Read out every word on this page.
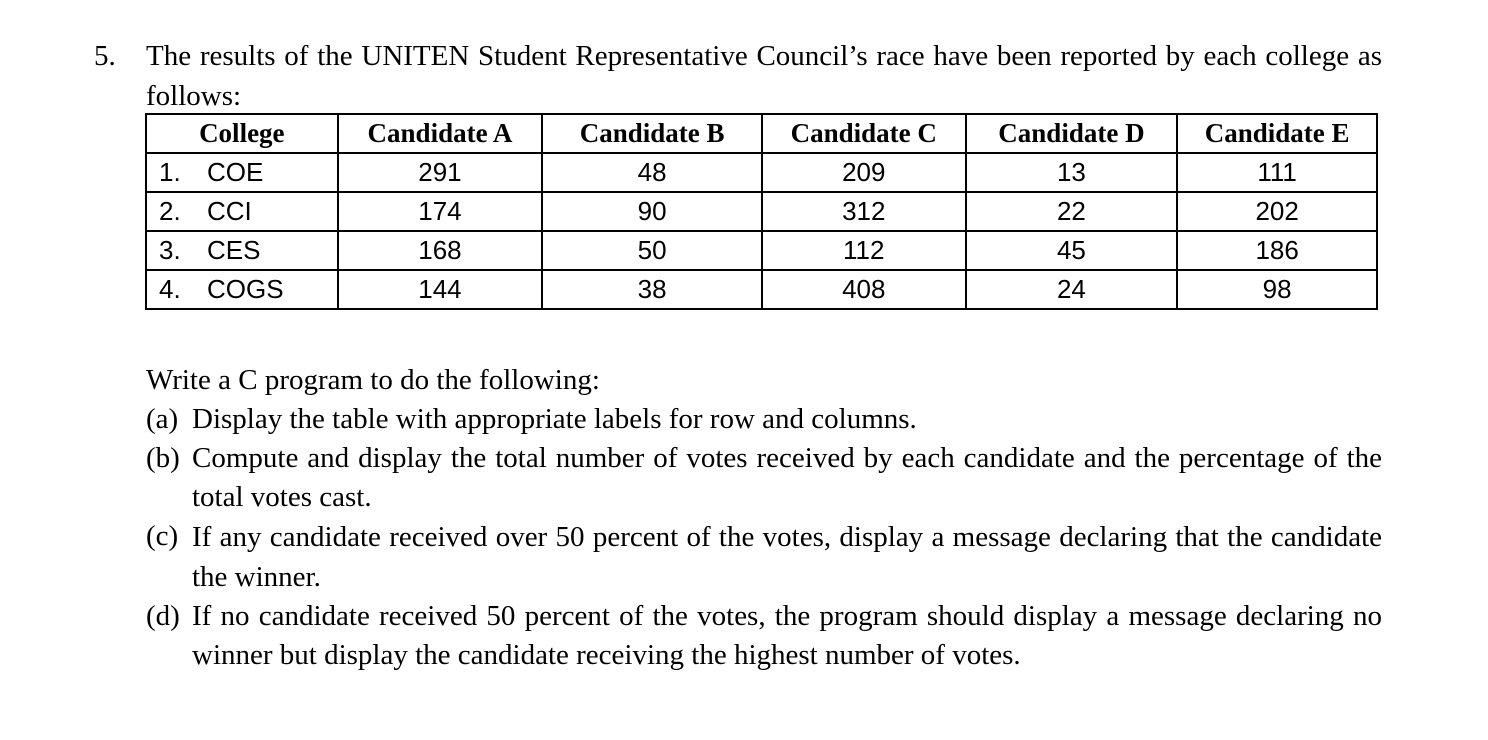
5. The results of the UNITEN Student Representative Council’s race have been reported by each college as follows:
College	Candidate A	Candidate B	Candidate C	Candidate D	Candidate E
1. COE	291	48	209	13	111
2. CCI	174	90	312	22	202
3. CES	168	50	112	45	186
4. COGS	144	38	408	24	98
Write a C program to do the following:
(a) Display the table with appropriate labels for row and columns.
(b) Compute and display the total number of votes received by each candidate and the percentage of the total votes cast.
(c) If any candidate received over 50 percent of the votes, display a message declaring that the candidate the winner.
(d) If no candidate received 50 percent of the votes, the program should display a message declaring no winner but display the candidate receiving the highest number of votes.
